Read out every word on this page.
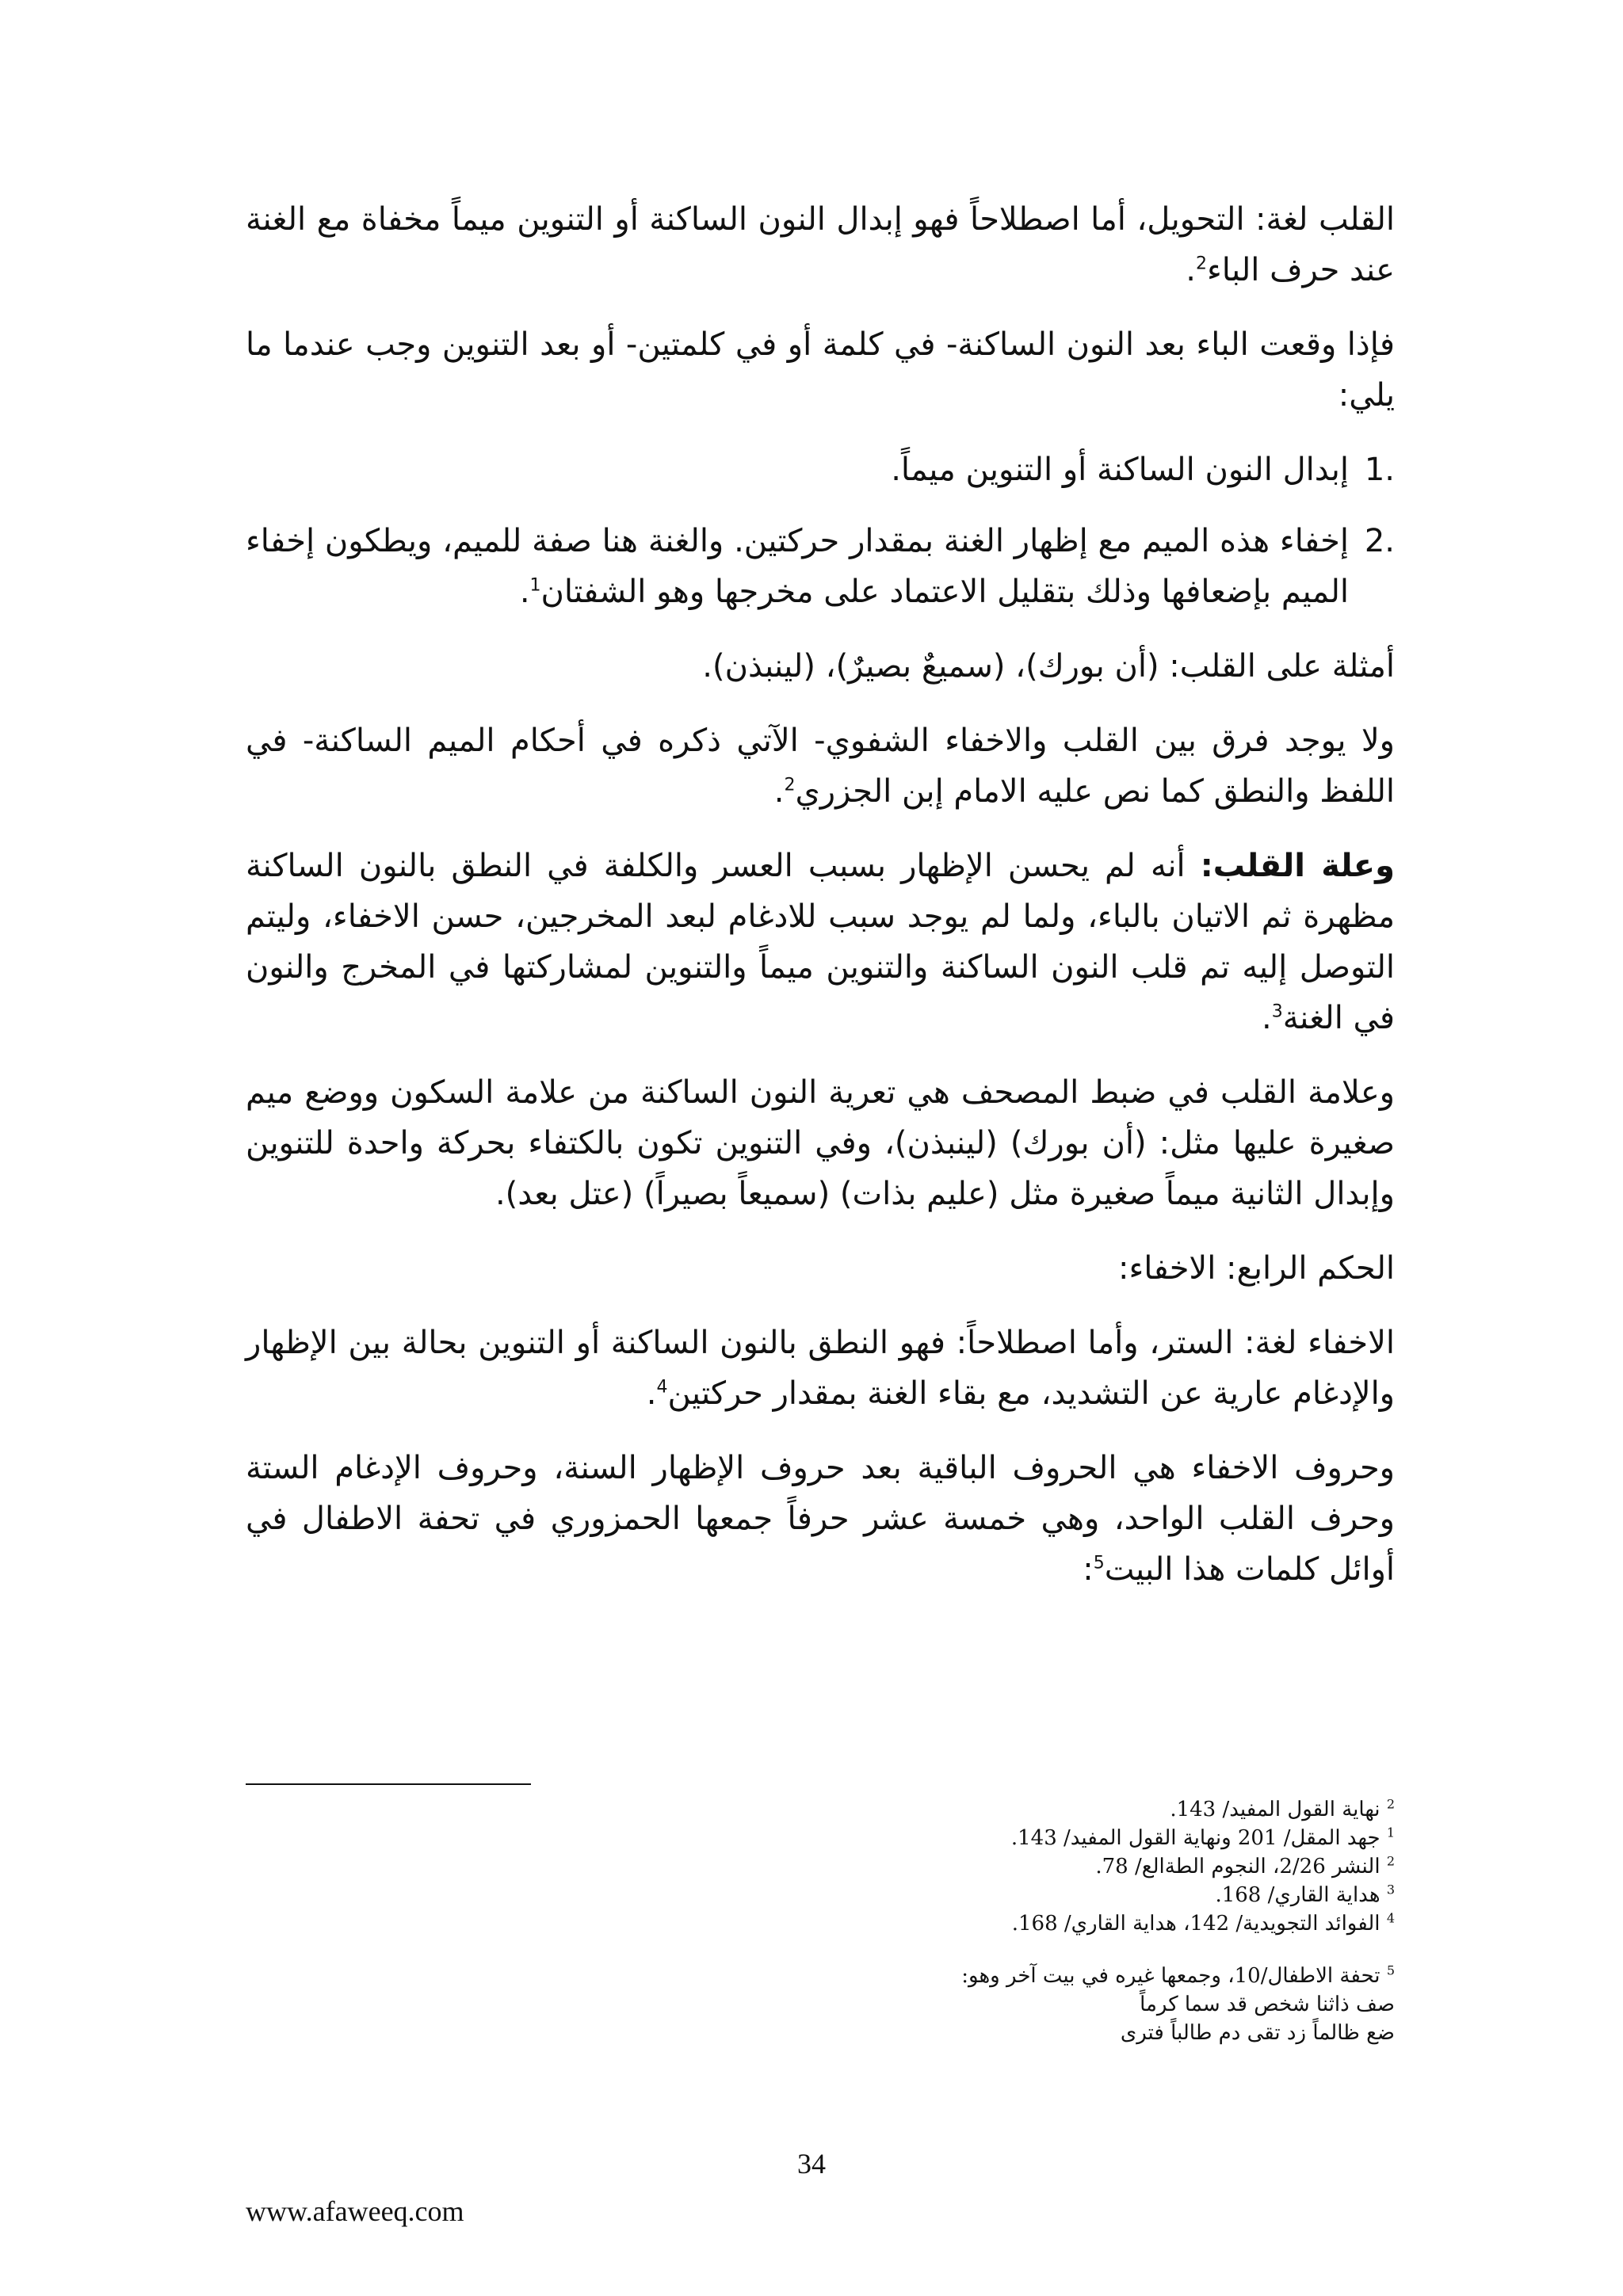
القلب لغة: التحويل، أما اصطلاحاً فهو إبدال النون الساكنة أو التنوين ميماً مخفاة مع الغنة عند حرف الباء$^2$.

فإذا وقعت الباء بعد النون الساكنة- في كلمة أو في كلمتين- أو بعد التنوين وجب عندما ما يلي:

.1
إبدال النون الساكنة أو التنوين ميماً.
.2
إخفاء هذه الميم مع إظهار الغنة بمقدار حركتين. والغنة هنا صفة للميم، ويطكون إخفاء الميم بإضعافها وذلك بتقليل الاعتماد على مخرجها وهو الشفتان$^1$.

أمثلة على القلب: (أن بورك)، (سميعٌ بصيرٌ)، (لينبذن).

ولا يوجد فرق بين القلب والاخفاء الشفوي- الآتي ذكره في أحكام الميم الساكنة- في اللفظ والنطق كما نص عليه الامام إبن الجزري$^2$.

وعلة القلب: أنه لم يحسن الإظهار بسبب العسر والكلفة في النطق بالنون الساكنة مظهرة ثم الاتيان بالباء، ولما لم يوجد سبب للادغام لبعد المخرجين، حسن الاخفاء، وليتم التوصل إليه تم قلب النون الساكنة والتنوين ميماً والتنوين لمشاركتها في المخرج والنون في الغنة$^3$.

وعلامة القلب في ضبط المصحف هي تعرية النون الساكنة من علامة السكون ووضع ميم صغيرة عليها مثل: (أن بورك) (لينبذن)، وفي التنوين تكون بالكتفاء بحركة واحدة للتنوين وإبدال الثانية ميماً صغيرة مثل (عليم بذات) (سميعاً بصيراً) (عتل بعد).

الحكم الرابع: الاخفاء:

الاخفاء لغة: الستر، وأما اصطلاحاً: فهو النطق بالنون الساكنة أو التنوين بحالة بين الإظهار والإدغام عارية عن التشديد، مع بقاء الغنة بمقدار حركتين$^4$.

وحروف الاخفاء هي الحروف الباقية بعد حروف الإظهار السنة، وحروف الإدغام الستة وحرف القلب الواحد، وهي خمسة عشر حرفاً جمعها الحمزوري في تحفة الاطفال في أوائل كلمات هذا البيت$^5$:

$^2$ نهاية القول المفيد/ 143.

$^1$ جهد المقل/ 201 ونهاية القول المفيد/ 143.

$^2$ النشر 2/26، النجوم الطةالع/ 78.

$^3$ هداية القاري/ 168.

$^4$ الفوائد التجويدية/ 142، هداية القاري/ 168.

$^5$ تحفة الاطفال/10، وجمعها غيره في بيت آخر وهو:

صف ذاثنا شخص قد سما كرماً

ضع ظالماً زد تقى دم طالباً فترى

34
www.afaweeq.com
